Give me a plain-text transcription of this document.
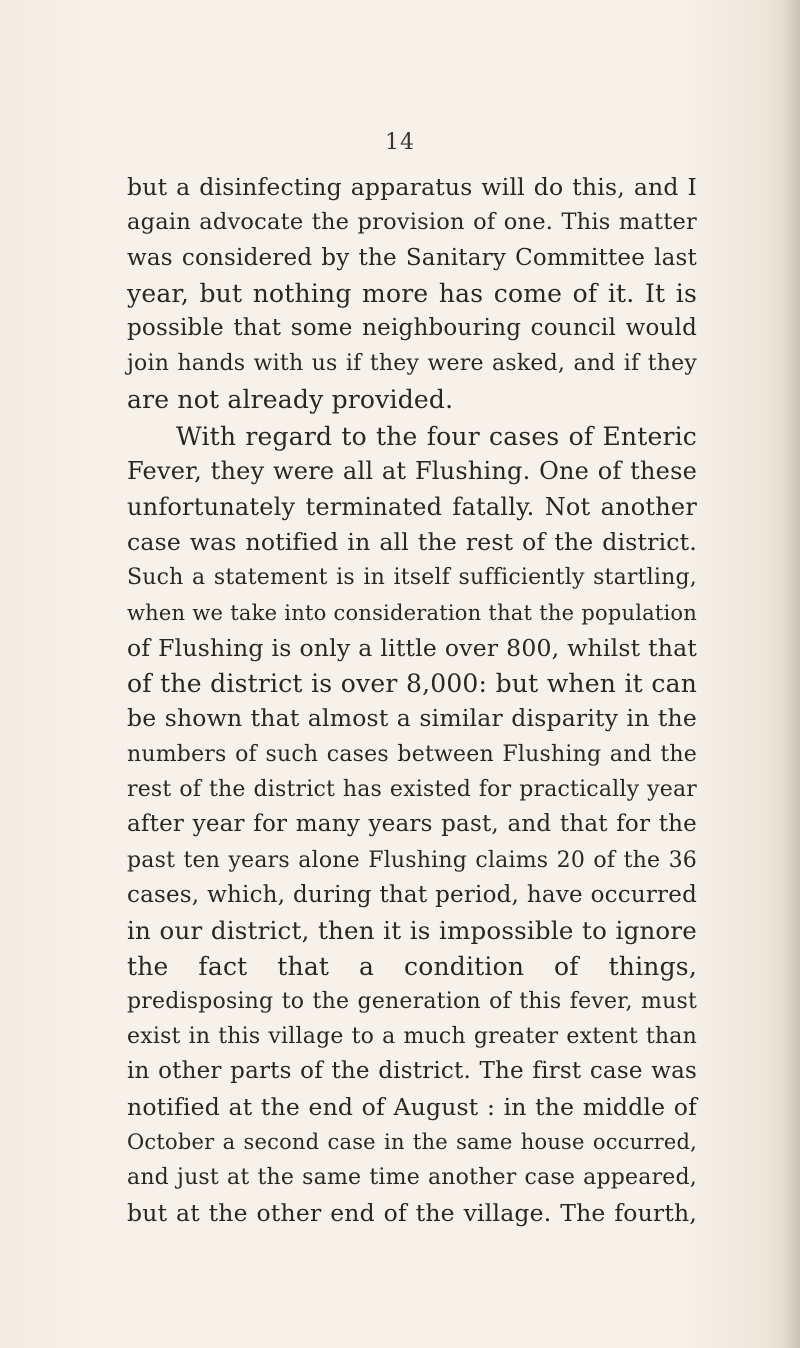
14
but a disinfecting apparatus will do this, and I
again advocate the provision of one. This matter
was considered by the Sanitary Committee last
year, but nothing more has come of it. It is
possible that some neighbouring council would
join hands with us if they were asked, and if they
are not already provided.
With regard to the four cases of Enteric
Fever, they were all at Flushing. One of these
unfortunately terminated fatally. Not another
case was notified in all the rest of the district.
Such a statement is in itself sufficiently startling,
when we take into consideration that the population
of Flushing is only a little over 800, whilst that
of the district is over 8,000: but when it can
be shown that almost a similar disparity in the
numbers of such cases between Flushing and the
rest of the district has existed for practically year
after year for many years past, and that for the
past ten years alone Flushing claims 20 of the 36
cases, which, during that period, have occurred
in our district, then it is impossible to ignore
the fact that a condition of things,
predisposing to the generation of this fever, must
exist in this village to a much greater extent than
in other parts of the district. The first case was
notified at the end of August : in the middle of
October a second case in the same house occurred,
and just at the same time another case appeared,
but at the other end of the village. The fourth,
